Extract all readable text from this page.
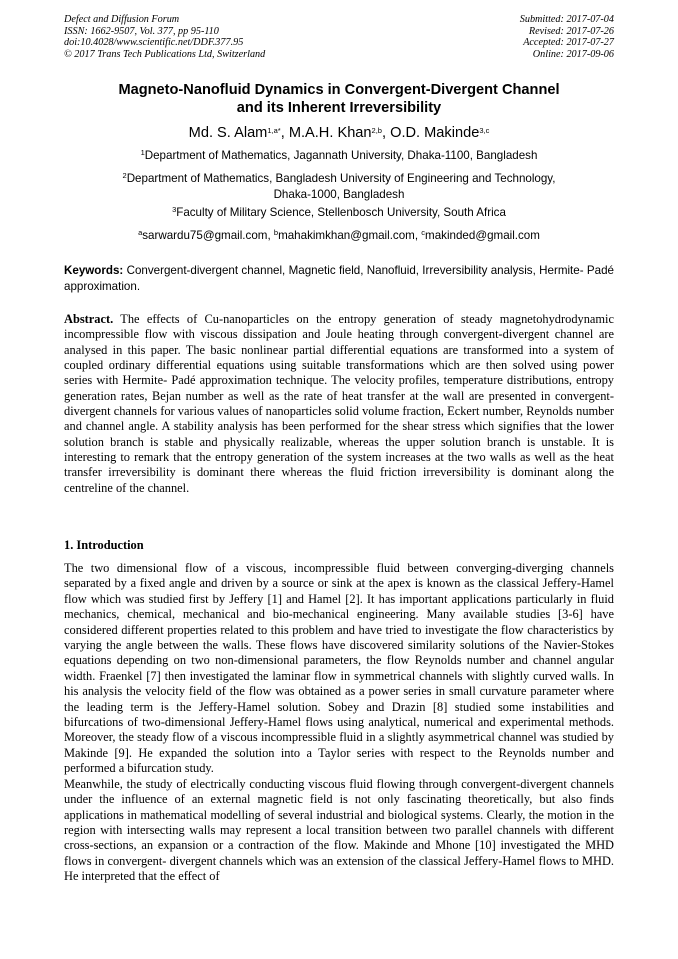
Defect and Diffusion Forum
ISSN: 1662-9507, Vol. 377, pp 95-110
doi:10.4028/www.scientific.net/DDF.377.95
© 2017 Trans Tech Publications Ltd, Switzerland
Submitted: 2017-07-04
Revised: 2017-07-26
Accepted: 2017-07-27
Online: 2017-09-06
Magneto-Nanofluid Dynamics in Convergent-Divergent Channel
and its Inherent Irreversibility
Md. S. Alam$^{1,a*}$, M.A.H. Khan$^{2,b}$, O.D. Makinde$^{3,c}$
$^1$Department of Mathematics, Jagannath University, Dhaka-1100, Bangladesh
$^2$Department of Mathematics, Bangladesh University of Engineering and Technology,
Dhaka-1000, Bangladesh
$^3$Faculty of Military Science, Stellenbosch University, South Africa
$^a$sarwardu75@gmail.com, $^b$mahakimkhan@gmail.com, $^c$makinded@gmail.com
Keywords: Convergent-divergent channel, Magnetic field, Nanofluid, Irreversibility analysis, Hermite- Padé approximation.
Abstract. The effects of Cu-nanoparticles on the entropy generation of steady magnetohydrodynamic incompressible flow with viscous dissipation and Joule heating through convergent-divergent channel are analysed in this paper. The basic nonlinear partial differential equations are transformed into a system of coupled ordinary differential equations using suitable transformations which are then solved using power series with Hermite- Padé approximation technique. The velocity profiles, temperature distributions, entropy generation rates, Bejan number as well as the rate of heat transfer at the wall are presented in convergent-divergent channels for various values of nanoparticles solid volume fraction, Eckert number, Reynolds number and channel angle. A stability analysis has been performed for the shear stress which signifies that the lower solution branch is stable and physically realizable, whereas the upper solution branch is unstable. It is interesting to remark that the entropy generation of the system increases at the two walls as well as the heat transfer irreversibility is dominant there whereas the fluid friction irreversibility is dominant along the centreline of the channel.
1. Introduction

The two dimensional flow of a viscous, incompressible fluid between converging-diverging channels separated by a fixed angle and driven by a source or sink at the apex is known as the classical Jeffery-Hamel flow which was studied first by Jeffery [1] and Hamel [2]. It has important applications particularly in fluid mechanics, chemical, mechanical and bio-mechanical engineering. Many available studies [3-6] have considered different properties related to this problem and have tried to investigate the flow characteristics by varying the angle between the walls. These flows have discovered similarity solutions of the Navier-Stokes equations depending on two non-dimensional parameters, the flow Reynolds number and channel angular width. Fraenkel [7] then investigated the laminar flow in symmetrical channels with slightly curved walls. In his analysis the velocity field of the flow was obtained as a power series in small curvature parameter where the leading term is the Jeffery-Hamel solution. Sobey and Drazin [8] studied some instabilities and bifurcations of two-dimensional Jeffery-Hamel flows using analytical, numerical and experimental methods. Moreover, the steady flow of a viscous incompressible fluid in a slightly asymmetrical channel was studied by Makinde [9]. He expanded the solution into a Taylor series with respect to the Reynolds number and performed a bifurcation study.

Meanwhile, the study of electrically conducting viscous fluid flowing through convergent-divergent channels under the influence of an external magnetic field is not only fascinating theoretically, but also finds applications in mathematical modelling of several industrial and biological systems. Clearly, the motion in the region with intersecting walls may represent a local transition between two parallel channels with different cross-sections, an expansion or a contraction of the flow. Makinde and Mhone [10] investigated the MHD flows in convergent- divergent channels which was an extension of the classical Jeffery-Hamel flows to MHD. He interpreted that the effect of
